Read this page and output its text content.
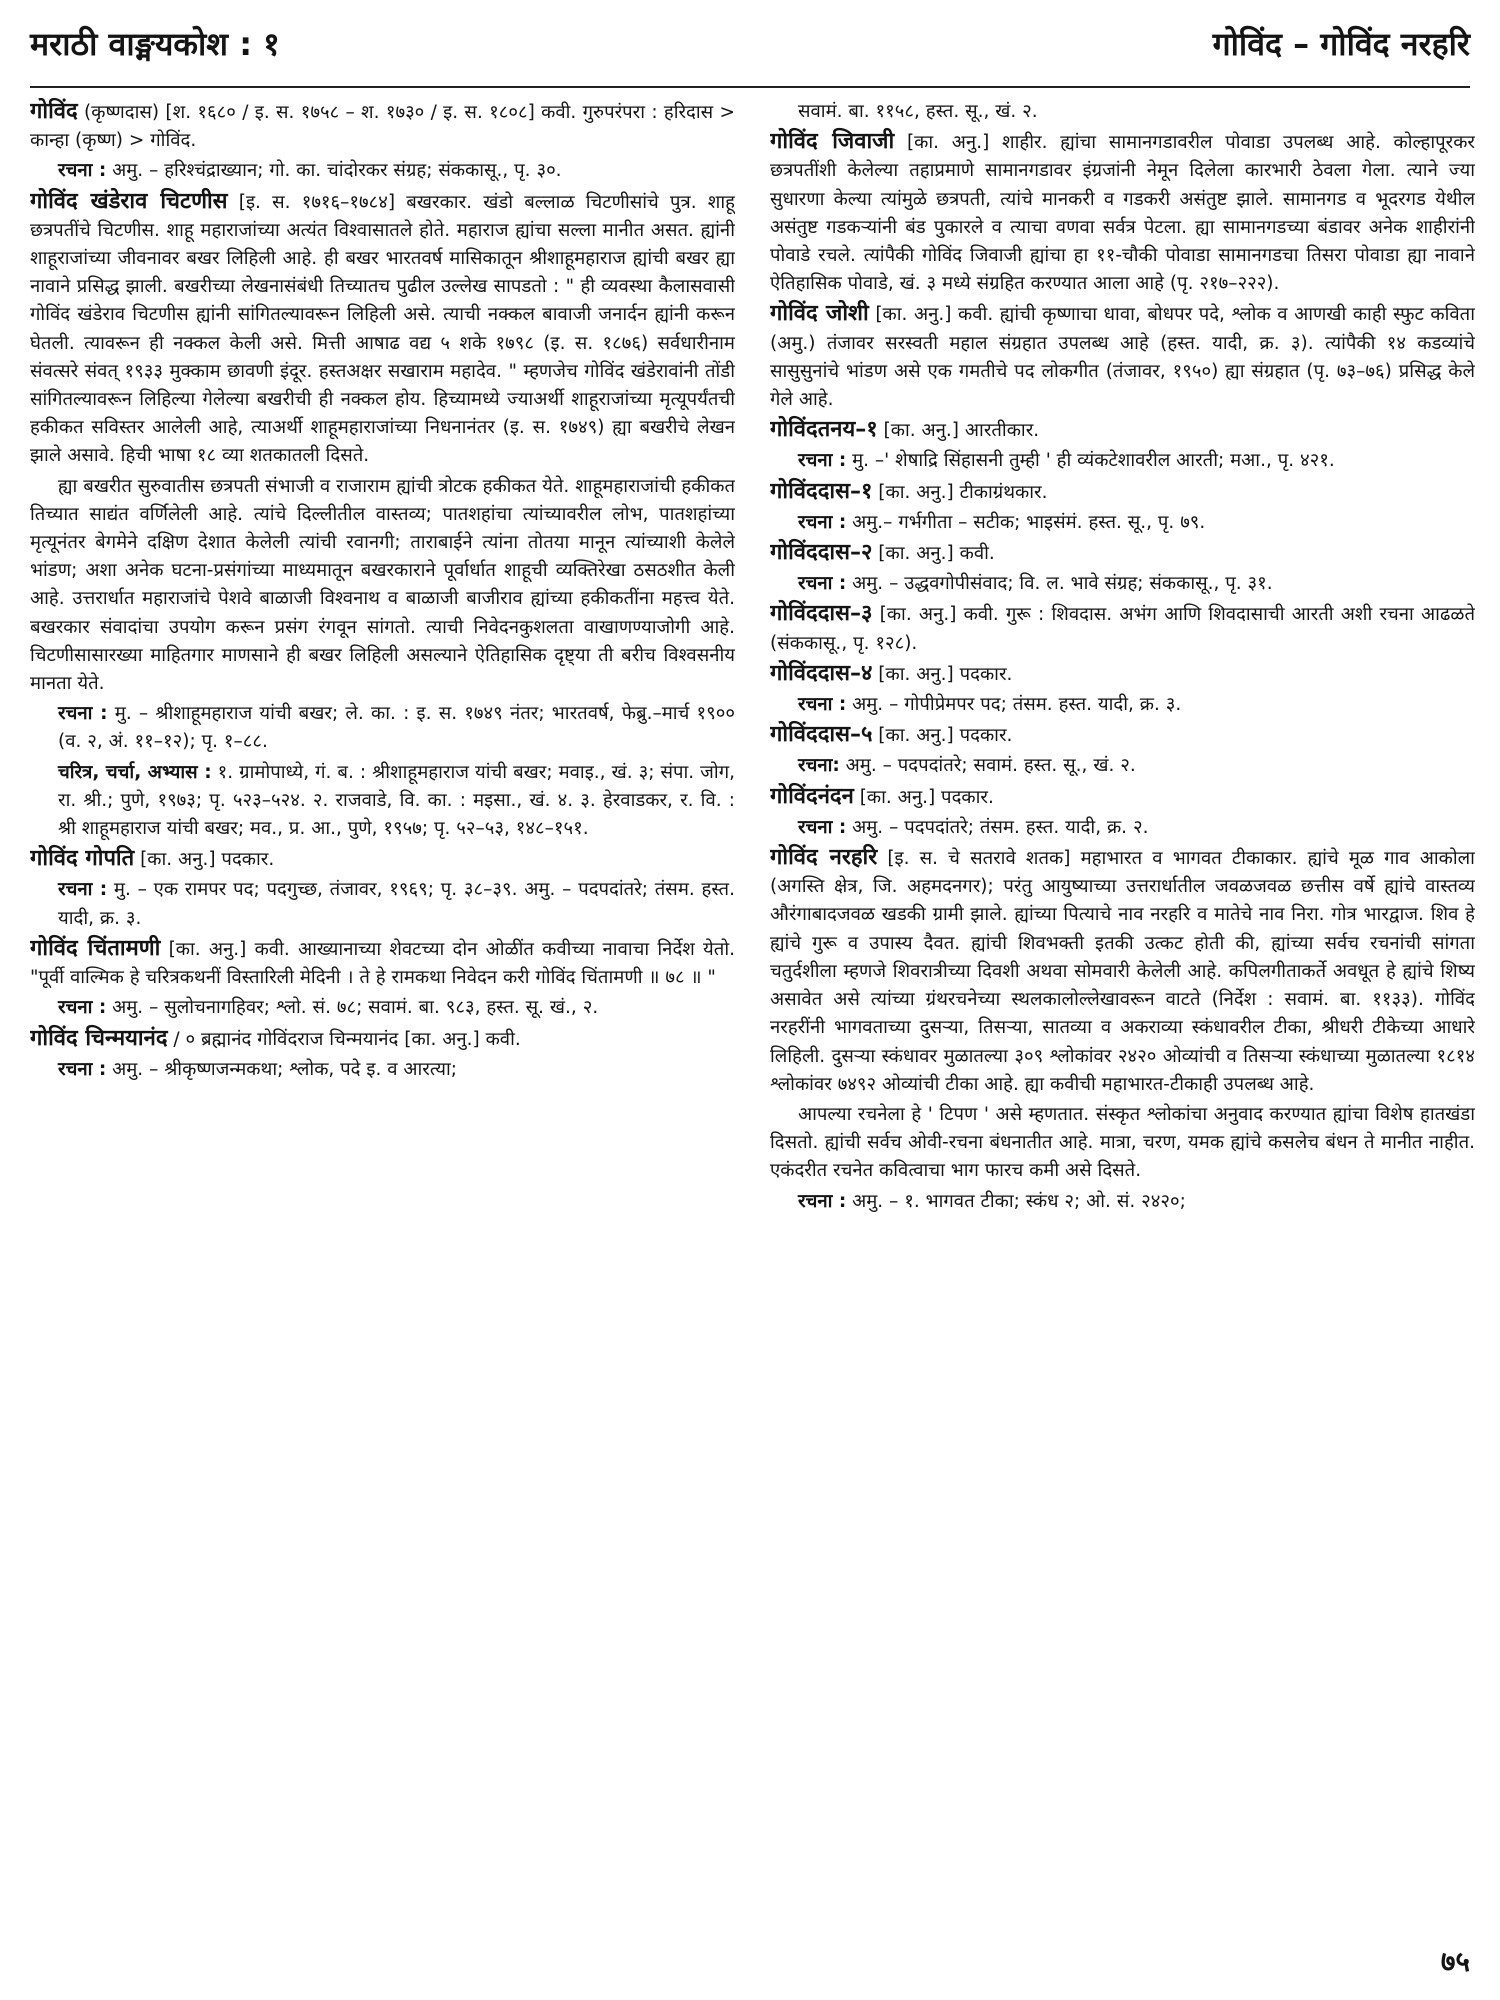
मराठी वाङ्मयकोश : १	गोविंद – गोविंद नरहरि
गोविंद (कृष्णदास) [श. १६८० / इ. स. १७५८ – श. १७३० / इ. स. १८०८] कवी. गुरुपरंपरा : हरिदास > कान्हा (कृष्ण) > गोविंद.
रचना : अमु. – हरिश्चंद्राख्यान; गो. का. चांदोरकर संग्रह; संककासू., पृ. ३०.
गोविंद खंडेराव चिटणीस [इ. स. १७१६–१७८४] बखरकार. खंडो बल्लाळ चिटणीसांचे पुत्र. शाहू छत्रपतींचे चिटणीस. शाहू महाराजांच्या अत्यंत विश्वासातले होते. महाराज ह्यांचा सल्ला मानीत असत. ह्यांनी शाहूराजांच्या जीवनावर बखर लिहिली आहे. ही बखर भारतवर्ष मासिकातून श्रीशाहूमहाराज ह्यांची बखर ह्या नावाने प्रसिद्ध झाली. बखरीच्या लेखनासंबंधी तिच्यातच पुढील उल्लेख सापडतो : " ही व्यवस्था कैलासवासी गोविंद खंडेराव चिटणीस ह्यांनी सांगितल्यावरून लिहिली असे. त्याची नक्कल बावाजी जनार्दन ह्यांनी करून घेतली. त्यावरून ही नक्कल केली असे. मित्ती आषाढ वद्य ५ शके १७९८ (इ. स. १८७६) सर्वधारीनाम संवत्सरे संवत् १९३३ मुक्काम छावणी इंदूर. हस्तअक्षर सखाराम महादेव. " म्हणजेच गोविंद खंडेरावांनी तोंडी सांगितल्यावरून लिहिल्या गेलेल्या बखरीची ही नक्कल होय. हिच्यामध्ये ज्याअर्थी शाहूराजांच्या मृत्यूपर्यंतची हकीकत सविस्तर आलेली आहे, त्याअर्थी शाहूमहाराजांच्या निधनानंतर (इ. स. १७४९) ह्या बखरीचे लेखन झाले असावे. हिची भाषा १८ व्या शतकातली दिसते.
ह्या बखरीत सुरुवातीस छत्रपती संभाजी व राजाराम ह्यांची त्रोटक हकीकत येते. शाहूमहाराजांची हकीकत तिच्यात साद्यंत वर्णिलेली आहे. त्यांचे दिल्लीतील वास्तव्य; पातशहांचा त्यांच्यावरील लोभ, पातशहांच्या मृत्यूनंतर बेगमेने दक्षिण देशात केलेली त्यांची रवानगी; ताराबाईने त्यांना तोतया मानून त्यांच्याशी केलेले भांडण; अशा अनेक घटना-प्रसंगांच्या माध्यमातून बखरकाराने पूर्वार्धात शाहूची व्यक्तिरेखा ठसठशीत केली आहे. उत्तरार्धात महाराजांचे पेशवे बाळाजी विश्वनाथ व बाळाजी बाजीराव ह्यांच्या हकीकतींना महत्त्व येते. बखरकार संवादांचा उपयोग करून प्रसंग रंगवून सांगतो. त्याची निवेदनकुशलता वाखाणण्याजोगी आहे. चिटणीसासारख्या माहितगार माणसाने ही बखर लिहिली असल्याने ऐतिहासिक दृष्ट्या ती बरीच विश्वसनीय मानता येते.
रचना : मु. – श्रीशाहूमहाराज यांची बखर; ले. का. : इ. स. १७४९ नंतर; भारतवर्ष, फेब्रु.–मार्च १९०० (व. २, अं. ११–१२); पृ. १–८८.
चरित्र, चर्चा, अभ्यास : १. ग्रामोपाध्ये, गं. ब. : श्रीशाहूमहाराज यांची बखर; मवाइ., खं. ३; संपा. जोग, रा. श्री.; पुणे, १९७३; पृ. ५२३–५२४. २. राजवाडे, वि. का. : मइसा., खं. ४. ३. हेरवाडकर, र. वि. : श्री शाहूमहाराज यांची बखर; मव., प्र. आ., पुणे, १९५७; पृ. ५२–५३, १४८–१५१.
गोविंद गोपति [का. अनु.] पदकार.
रचना : मु. – एक रामपर पद; पदगुच्छ, तंजावर, १९६९; पृ. ३८–३९. अमु. – पदपदांतरे; तंसम. हस्त. यादी, क्र. ३.
गोविंद चिंतामणी [का. अनु.] कवी. आख्यानाच्या शेवटच्या दोन ओळींत कवीच्या नावाचा निर्देश येतो. "पूर्वी वाल्मिक हे चरित्रकथनीं विस्तारिली मेदिनी । ते हे रामकथा निवेदन करी गोविंद चिंतामणी ॥ ७८ ॥ "
रचना : अमु. – सुलोचनागहिवर; श्लो. सं. ७८; सवामं. बा. ९८३, हस्त. सू. खं., २.
गोविंद चिन्मयानंद / ० ब्रह्मानंद गोविंदराज चिन्मयानंद [का. अनु.] कवी.
रचना : अमु. – श्रीकृष्णजन्मकथा; श्लोक, पदे इ. व आरत्या;
सवामं. बा. ११५८, हस्त. सू., खं. २.
गोविंद जिवाजी [का. अनु.] शाहीर. ह्यांचा सामानगडावरील पोवाडा उपलब्ध आहे. कोल्हापूरकर छत्रपतींशी केलेल्या तहाप्रमाणे सामानगडावर इंग्रजांनी नेमून दिलेला कारभारी ठेवला गेला. त्याने ज्या सुधारणा केल्या त्यांमुळे छत्रपती, त्यांचे मानकरी व गडकरी असंतुष्ट झाले. सामानगड व भूदरगड येथील असंतुष्ट गडकऱ्यांनी बंड पुकारले व त्याचा वणवा सर्वत्र पेटला. ह्या सामानगडच्या बंडावर अनेक शाहीरांनी पोवाडे रचले. त्यांपैकी गोविंद जिवाजी ह्यांचा हा ११-चौकी पोवाडा सामानगडचा तिसरा पोवाडा ह्या नावाने ऐतिहासिक पोवाडे, खं. ३ मध्ये संग्रहित करण्यात आला आहे (पृ. २१७–२२२).
गोविंद जोशी [का. अनु.] कवी. ह्यांची कृष्णाचा धावा, बोधपर पदे, श्लोक व आणखी काही स्फुट कविता (अमु.) तंजावर सरस्वती महाल संग्रहात उपलब्ध आहे (हस्त. यादी, क्र. ३). त्यांपैकी १४ कडव्यांचे सासुसुनांचे भांडण असे एक गमतीचे पद लोकगीत (तंजावर, १९५०) ह्या संग्रहात (पृ. ७३–७६) प्रसिद्ध केले गेले आहे.
गोविंदतनय–१ [का. अनु.] आरतीकार.
रचना : मु. –' शेषाद्रि सिंहासनी तुम्ही ' ही व्यंकटेशावरील आरती; मआ., पृ. ४२१.
गोविंददास–१ [का. अनु.] टीकाग्रंथकार.
रचना : अमु.– गर्भगीता – सटीक; भाइसंमं. हस्त. सू., पृ. ७९.
गोविंददास–२ [का. अनु.] कवी.
रचना : अमु. – उद्धवगोपीसंवाद; वि. ल. भावे संग्रह; संककासू., पृ. ३१.
गोविंददास–३ [का. अनु.] कवी. गुरू : शिवदास. अभंग आणि शिवदासाची आरती अशी रचना आढळते (संककासू., पृ. १२८).
गोविंददास–४ [का. अनु.] पदकार.
रचना : अमु. – गोपीप्रेमपर पद; तंसम. हस्त. यादी, क्र. ३.
गोविंददास–५ [का. अनु.] पदकार.
रचना: अमु. – पदपदांतरे; सवामं. हस्त. सू., खं. २.
गोविंदनंदन [का. अनु.] पदकार.
रचना : अमु. – पदपदांतरे; तंसम. हस्त. यादी, क्र. २.
गोविंद नरहरि [इ. स. चे सतरावे शतक] महाभारत व भागवत टीकाकार. ह्यांचे मूळ गाव आकोला (अगस्ति क्षेत्र, जि. अहमदनगर); परंतु आयुष्याच्या उत्तरार्धातील जवळजवळ छत्तीस वर्षे ह्यांचे वास्तव्य औरंगाबादजवळ खडकी ग्रामी झाले. ह्यांच्या पित्याचे नाव नरहरि व मातेचे नाव निरा. गोत्र भारद्वाज. शिव हे ह्यांचे गुरू व उपास्य दैवत. ह्यांची शिवभक्ती इतकी उत्कट होती की, ह्यांच्या सर्वच रचनांची सांगता चतुर्दशीला म्हणजे शिवरात्रीच्या दिवशी अथवा सोमवारी केलेली आहे. कपिलगीताकर्ते अवधूत हे ह्यांचे शिष्य असावेत असे त्यांच्या ग्रंथरचनेच्या स्थलकालोल्लेखावरून वाटते (निर्देश : सवामं. बा. ११३३). गोविंद नरहरींनी भागवताच्या दुसऱ्या, तिसऱ्या, सातव्या व अकराव्या स्कंधावरील टीका, श्रीधरी टीकेच्या आधारे लिहिली. दुसऱ्या स्कंधावर मुळातल्या ३०९ श्लोकांवर २४२० ओव्यांची व तिसऱ्या स्कंधाच्या मुळातल्या १८१४ श्लोकांवर ७४९२ ओव्यांची टीका आहे. ह्या कवीची महाभारत-टीकाही उपलब्ध आहे.
आपल्या रचनेला हे ' टिपण ' असे म्हणतात. संस्कृत श्लोकांचा अनुवाद करण्यात ह्यांचा विशेष हातखंडा दिसतो. ह्यांची सर्वच ओवी-रचना बंधनातीत आहे. मात्रा, चरण, यमक ह्यांचे कसलेच बंधन ते मानीत नाहीत. एकंदरीत रचनेत कवित्वाचा भाग फारच कमी असे दिसते.
रचना : अमु. – १. भागवत टीका; स्कंध २; ओ. सं. २४२०;
७५
